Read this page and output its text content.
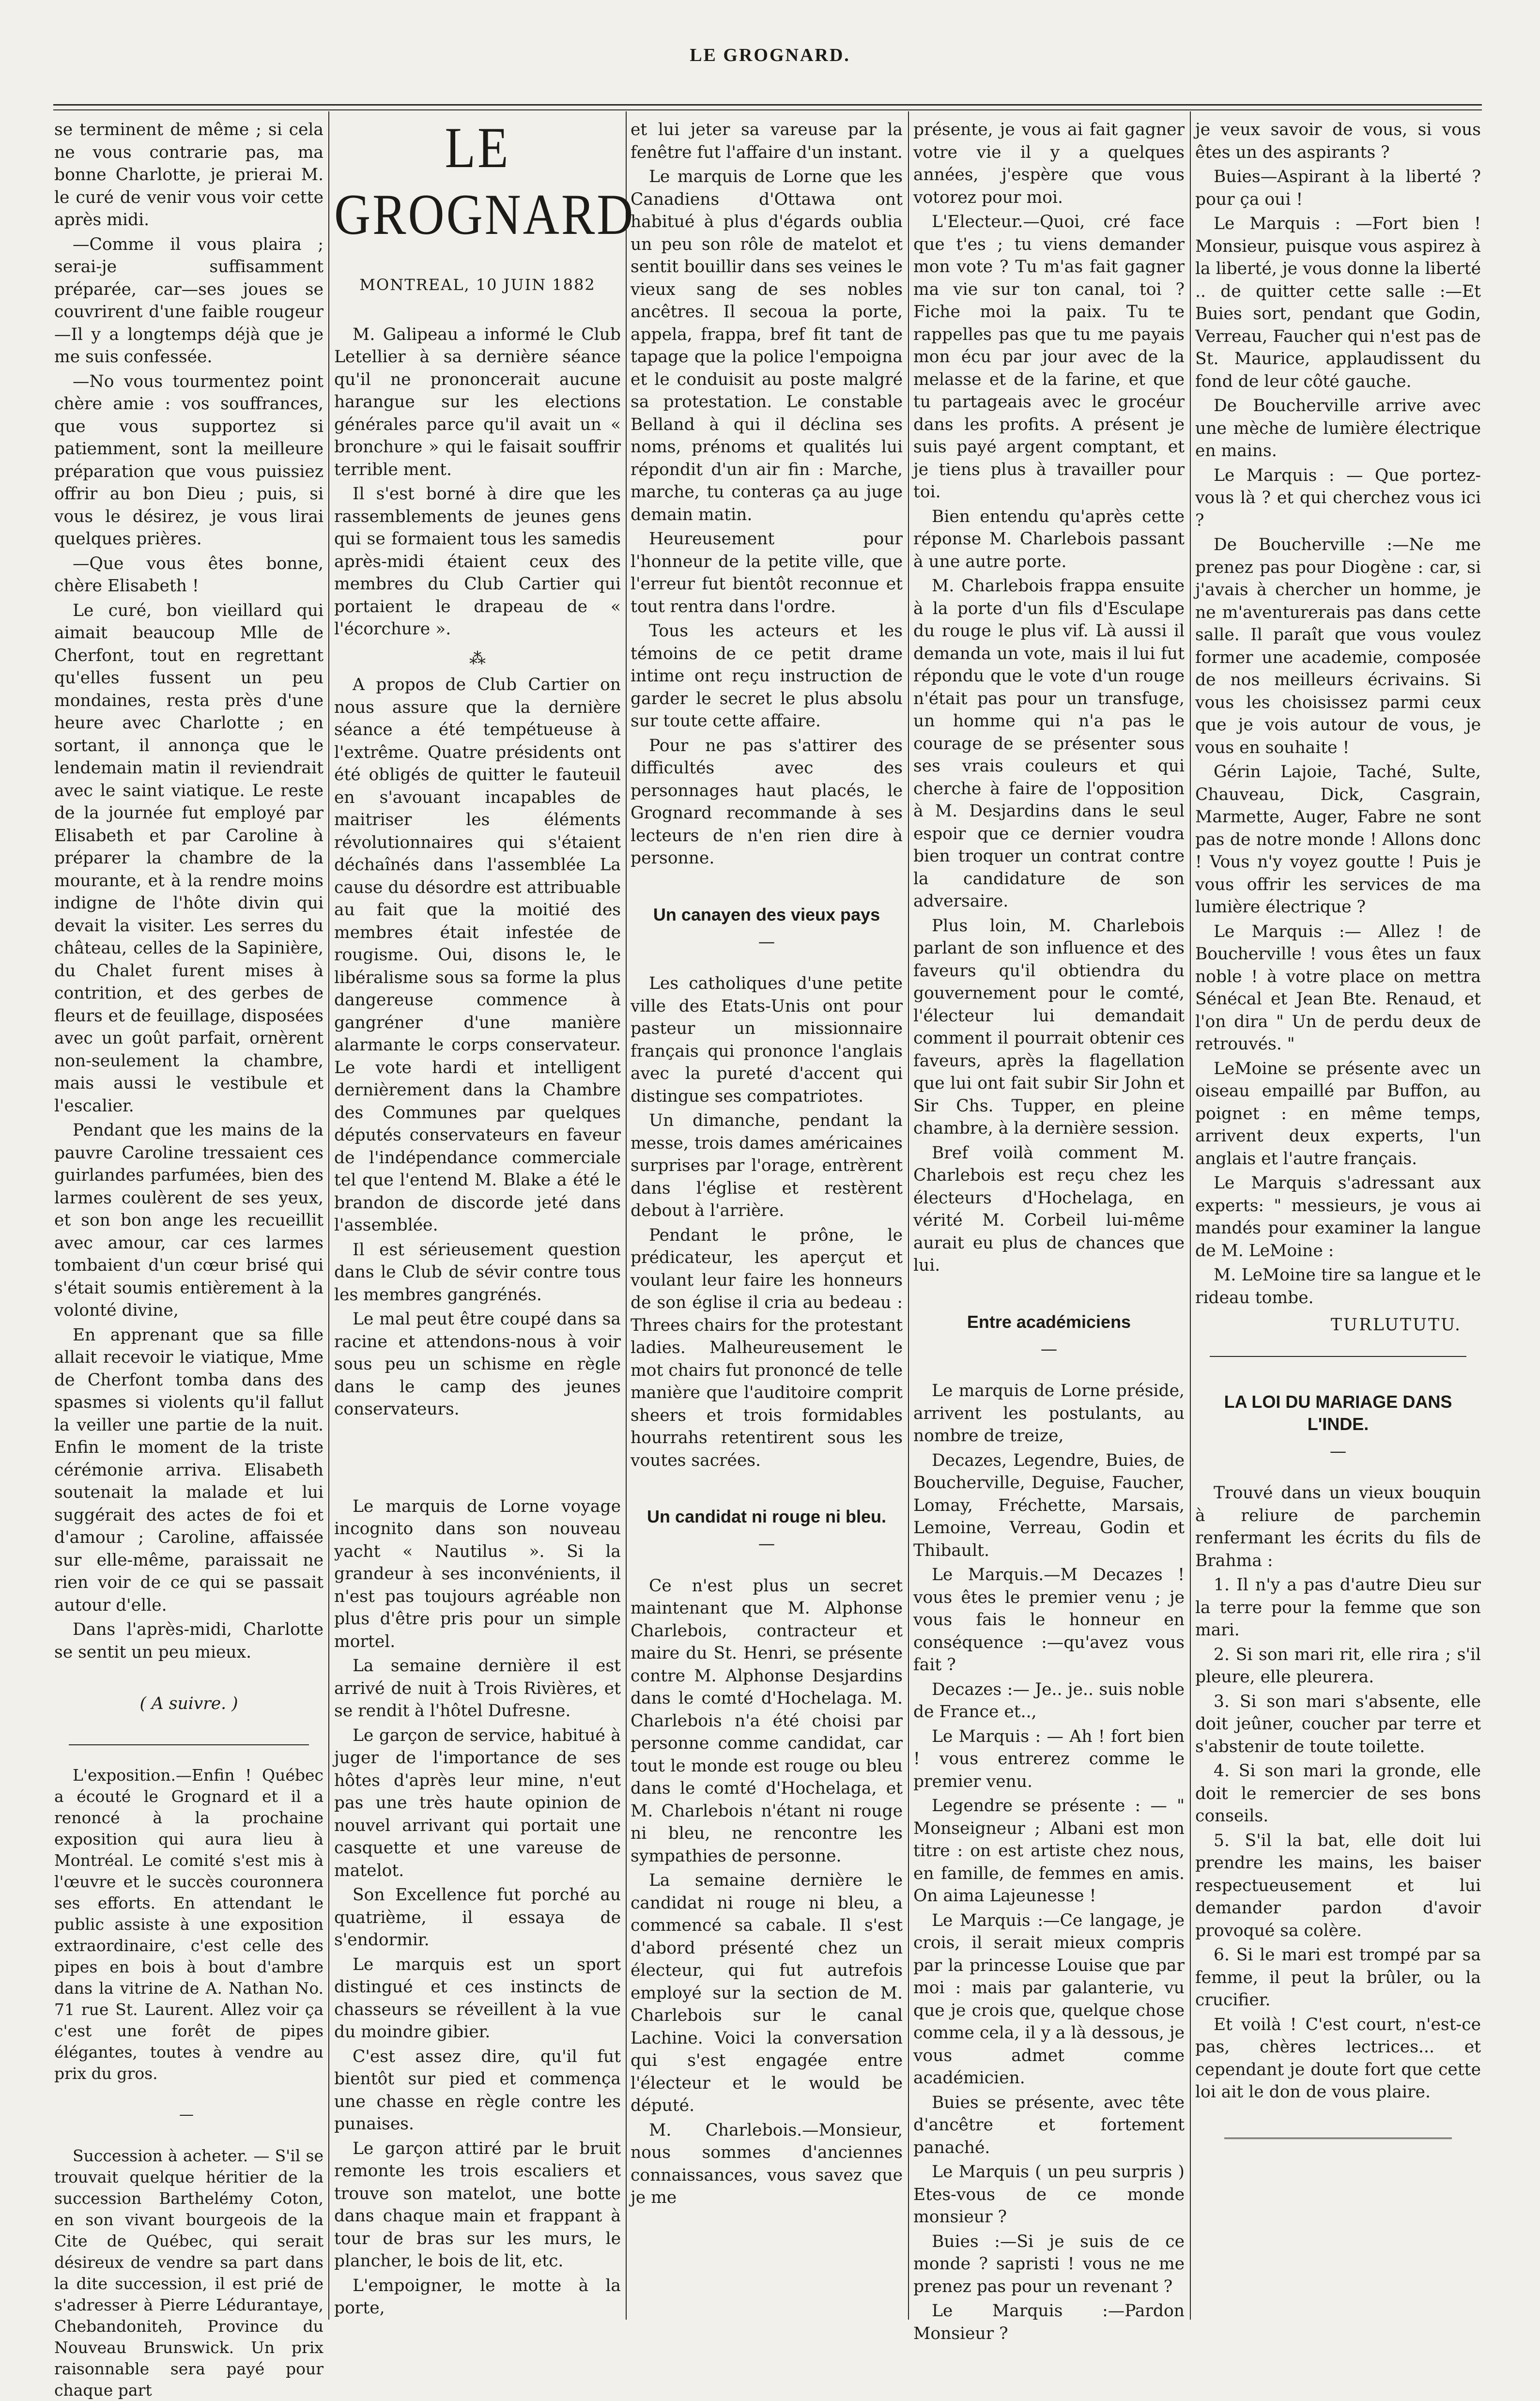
LE GROGNARD.

se terminent de même ; si cela ne vous contrarie pas, ma bonne Charlotte, je prierai M. le curé de venir vous voir cette après midi.

—Comme il vous plaira ; serai-je suffisamment préparée, car—ses joues se couvrirent d'une faible rougeur—Il y a longtemps déjà que je me suis confessée.

—No vous tourmentez point chère amie : vos souffrances, que vous supportez si patiemment, sont la meilleure préparation que vous puissiez offrir au bon Dieu ; puis, si vous le désirez, je vous lirai quelques prières.

—Que vous êtes bonne, chère Elisabeth !

Le curé, bon vieillard qui aimait beaucoup Mlle de Cherfont, tout en regrettant qu'elles fussent un peu mondaines, resta près d'une heure avec Charlotte ; en sortant, il annonça que le lendemain matin il reviendrait avec le saint viatique. Le reste de la journée fut employé par Elisabeth et par Caroline à préparer la chambre de la mourante, et à la rendre moins indigne de l'hôte divin qui devait la visiter. Les serres du château, celles de la Sapinière, du Chalet furent mises à contrition, et des gerbes de fleurs et de feuillage, disposées avec un goût parfait, ornèrent non-seulement la chambre, mais aussi le vestibule et l'escalier.

Pendant que les mains de la pauvre Caroline tressaient ces guirlandes parfumées, bien des larmes coulèrent de ses yeux, et son bon ange les recueillit avec amour, car ces larmes tombaient d'un cœur brisé qui s'était soumis entièrement à la volonté divine,

En apprenant que sa fille allait recevoir le viatique, Mme de Cherfont tomba dans des spasmes si violents qu'il fallut la veiller une partie de la nuit. Enfin le moment de la triste cérémonie arriva. Elisabeth soutenait la malade et lui suggérait des actes de foi et d'amour ; Caroline, affaissée sur elle-même, paraissait ne rien voir de ce qui se passait autour d'elle.

Dans l'après-midi, Charlotte se sentit un peu mieux.

( A suivre. )

L'exposition.—Enfin ! Québec a écouté le Grognard et il a renoncé à la prochaine exposition qui aura lieu à Montréal. Le comité s'est mis à l'œuvre et le succès couronnera ses efforts. En attendant le public assiste à une exposition extraordinaire, c'est celle des pipes en bois à bout d'ambre dans la vitrine de A. Nathan No. 71 rue St. Laurent. Allez voir ça c'est une forêt de pipes élégantes, toutes à vendre au prix du gros.

—

Succession à acheter. — S'il se trouvait quelque héritier de la succession Barthelémy Coton, en son vivant bourgeois de la Cite de Québec, qui serait désireux de vendre sa part dans la dite succession, il est prié de s'adresser à Pierre Lédurantaye, Chebandoniteh, Province du Nouveau Brunswick. Un prix raisonnable sera payé pour chaque part

LE GROGNARD
MONTREAL, 10 JUIN 1882

M. Galipeau a informé le Club Letellier à sa dernière séance qu'il ne prononcerait aucune harangue sur les elections générales parce qu'il avait un « bronchure » qui le faisait souffrir terrible ment.

Il s'est borné à dire que les rassemblements de jeunes gens qui se formaient tous les samedis après-midi étaient ceux des membres du Club Cartier qui portaient le drapeau de « l'écorchure ».

⁂

A propos de Club Cartier on nous assure que la dernière séance a été tempétueuse à l'extrême. Quatre présidents ont été obligés de quitter le fauteuil en s'avouant incapables de maitriser les éléments révolutionnaires qui s'étaient déchaînés dans l'assemblée La cause du désordre est attribuable au fait que la moitié des membres était infestée de rougisme. Oui, disons le, le libéralisme sous sa forme la plus dangereuse commence à gangréner d'une manière alarmante le corps conservateur. Le vote hardi et intelligent dernièrement dans la Chambre des Communes par quelques députés conservateurs en faveur de l'indépendance commerciale tel que l'entend M. Blake a été le brandon de discorde jeté dans l'assemblée.

Il est sérieusement question dans le Club de sévir contre tous les membres gangrénés.

Le mal peut être coupé dans sa racine et attendons-nous à voir sous peu un schisme en règle dans le camp des jeunes conservateurs.

Le marquis de Lorne voyage incognito dans son nouveau yacht « Nautilus ». Si la grandeur à ses inconvénients, il n'est pas toujours agréable non plus d'être pris pour un simple mortel.

La semaine dernière il est arrivé de nuit à Trois Rivières, et se rendit à l'hôtel Dufresne.

Le garçon de service, habitué à juger de l'importance de ses hôtes d'après leur mine, n'eut pas une très haute opinion de nouvel arrivant qui portait une casquette et une vareuse de matelot.

Son Excellence fut porché au quatrième, il essaya de s'endormir.

Le marquis est un sport distingué et ces instincts de chasseurs se réveillent à la vue du moindre gibier.

C'est assez dire, qu'il fut bientôt sur pied et commença une chasse en règle contre les punaises.

Le garçon attiré par le bruit remonte les trois escaliers et trouve son matelot, une botte dans chaque main et frappant à tour de bras sur les murs, le plancher, le bois de lit, etc.

L'empoigner, le motte à la porte,

et lui jeter sa vareuse par la fenêtre fut l'affaire d'un instant.

Le marquis de Lorne que les Canadiens d'Ottawa ont habitué à plus d'égards oublia un peu son rôle de matelot et sentit bouillir dans ses veines le vieux sang de ses nobles ancêtres. Il secoua la porte, appela, frappa, bref fit tant de tapage que la police l'empoigna et le conduisit au poste malgré sa protestation. Le constable Belland à qui il déclina ses noms, prénoms et qualités lui répondit d'un air fin : Marche, marche, tu conteras ça au juge demain matin.

Heureusement pour l'honneur de la petite ville, que l'erreur fut bientôt reconnue et tout rentra dans l'ordre.

Tous les acteurs et les témoins de ce petit drame intime ont reçu instruction de garder le secret le plus absolu sur toute cette affaire.

Pour ne pas s'attirer des difficultés avec des personnages haut placés, le Grognard recommande à ses lecteurs de n'en rien dire à personne.

Un canayen des vieux pays
—

Les catholiques d'une petite ville des Etats-Unis ont pour pasteur un missionnaire français qui prononce l'anglais avec la pureté d'accent qui distingue ses compatriotes.

Un dimanche, pendant la messe, trois dames américaines surprises par l'orage, entrèrent dans l'église et restèrent debout à l'arrière.

Pendant le prône, le prédicateur, les aperçut et voulant leur faire les honneurs de son église il cria au bedeau : Threes chairs for the protestant ladies. Malheureusement le mot chairs fut prononcé de telle manière que l'auditoire comprit sheers et trois formidables hourrahs retentirent sous les voutes sacrées.

Un candidat ni rouge ni bleu.
—

Ce n'est plus un secret maintenant que M. Alphonse Charlebois, contracteur et maire du St. Henri, se présente contre M. Alphonse Desjardins dans le comté d'Hochelaga. M. Charlebois n'a été choisi par personne comme candidat, car tout le monde est rouge ou bleu dans le comté d'Hochelaga, et M. Charlebois n'étant ni rouge ni bleu, ne rencontre les sympathies de personne.

La semaine dernière le candidat ni rouge ni bleu, a commencé sa cabale. Il s'est d'abord présenté chez un électeur, qui fut autrefois employé sur la section de M. Charlebois sur le canal Lachine. Voici la conversation qui s'est engagée entre l'électeur et le would be député.

M. Charlebois.—Monsieur, nous sommes d'anciennes connaissances, vous savez que je me

présente, je vous ai fait gagner votre vie il y a quelques années, j'espère que vous votorez pour moi.

L'Electeur.—Quoi, cré face que t'es ; tu viens demander mon vote ? Tu m'as fait gagner ma vie sur ton canal, toi ? Fiche moi la paix. Tu te rappelles pas que tu me payais mon écu par jour avec de la melasse et de la farine, et que tu partageais avec le grocéur dans les profits. A présent je suis payé argent comptant, et je tiens plus à travailler pour toi.

Bien entendu qu'après cette réponse M. Charlebois passant à une autre porte.

M. Charlebois frappa ensuite à la porte d'un fils d'Esculape du rouge le plus vif. Là aussi il demanda un vote, mais il lui fut répondu que le vote d'un rouge n'était pas pour un transfuge, un homme qui n'a pas le courage de se présenter sous ses vrais couleurs et qui cherche à faire de l'opposition à M. Desjardins dans le seul espoir que ce dernier voudra bien troquer un contrat contre la candidature de son adversaire.

Plus loin, M. Charlebois parlant de son influence et des faveurs qu'il obtiendra du gouvernement pour le comté, l'électeur lui demandait comment il pourrait obtenir ces faveurs, après la flagellation que lui ont fait subir Sir John et Sir Chs. Tupper, en pleine chambre, à la dernière session.

Bref voilà comment M. Charlebois est reçu chez les électeurs d'Hochelaga, en vérité M. Corbeil lui-même aurait eu plus de chances que lui.

Entre académiciens
—

Le marquis de Lorne préside, arrivent les postulants, au nombre de treize,

Decazes, Legendre, Buies, de Boucherville, Deguise, Faucher, Lomay, Fréchette, Marsais, Lemoine, Verreau, Godin et Thibault.

Le Marquis.—M Decazes ! vous êtes le premier venu ; je vous fais le honneur en conséquence :—qu'avez vous fait ?

Decazes :— Je.. je.. suis noble de France et..,

Le Marquis : — Ah ! fort bien ! vous entrerez comme le premier venu.

Legendre se présente : — " Monseigneur ; Albani est mon titre : on est artiste chez nous, en famille, de femmes en amis. On aima Lajeunesse !

Le Marquis :—Ce langage, je crois, il serait mieux compris par la princesse Louise que par moi : mais par galanterie, vu que je crois que, quelque chose comme cela, il y a là dessous, je vous admet comme académicien.

Buies se présente, avec tête d'ancêtre et fortement panaché.

Le Marquis ( un peu surpris ) Etes-vous de ce monde monsieur ?

Buies :—Si je suis de ce monde ? sapristi ! vous ne me prenez pas pour un revenant ?

Le Marquis :—Pardon Monsieur ?

je veux savoir de vous, si vous êtes un des aspirants ?

Buies—Aspirant à la liberté ? pour ça oui !

Le Marquis : —Fort bien ! Monsieur, puisque vous aspirez à la liberté, je vous donne la liberté .. de quitter cette salle :—Et Buies sort, pendant que Godin, Verreau, Faucher qui n'est pas de St. Maurice, applaudissent du fond de leur côté gauche.

De Boucherville arrive avec une mèche de lumière électrique en mains.

Le Marquis : — Que portez-vous là ? et qui cherchez vous ici ?

De Boucherville :—Ne me prenez pas pour Diogène : car, si j'avais à chercher un homme, je ne m'aventurerais pas dans cette salle. Il paraît que vous voulez former une academie, composée de nos meilleurs écrivains. Si vous les choisissez parmi ceux que je vois autour de vous, je vous en souhaite !

Gérin Lajoie, Taché, Sulte, Chauveau, Dick, Casgrain, Marmette, Auger, Fabre ne sont pas de notre monde ! Allons donc ! Vous n'y voyez goutte ! Puis je vous offrir les services de ma lumière électrique ?

Le Marquis :— Allez ! de Boucherville ! vous êtes un faux noble ! à votre place on mettra Sénécal et Jean Bte. Renaud, et l'on dira " Un de perdu deux de retrouvés. "

LeMoine se présente avec un oiseau empaillé par Buffon, au poignet : en même temps, arrivent deux experts, l'un anglais et l'autre français.

Le Marquis s'adressant aux experts: " messieurs, je vous ai mandés pour examiner la langue de M. LeMoine :

M. LeMoine tire sa langue et le rideau tombe.

TURLUTUTU.
LA LOI DU MARIAGE DANS L'INDE.
—

Trouvé dans un vieux bouquin à reliure de parchemin renfermant les écrits du fils de Brahma :

1. Il n'y a pas d'autre Dieu sur la terre pour la femme que son mari.

2. Si son mari rit, elle rira ; s'il pleure, elle pleurera.

3. Si son mari s'absente, elle doit jeûner, coucher par terre et s'abstenir de toute toilette.

4. Si son mari la gronde, elle doit le remercier de ses bons conseils.

5. S'il la bat, elle doit lui prendre les mains, les baiser respectueusement et lui demander pardon d'avoir provoqué sa colère.

6. Si le mari est trompé par sa femme, il peut la brûler, ou la crucifier.

Et voilà ! C'est court, n'est-ce pas, chères lectrices... et cependant je doute fort que cette loi ait le don de vous plaire.
